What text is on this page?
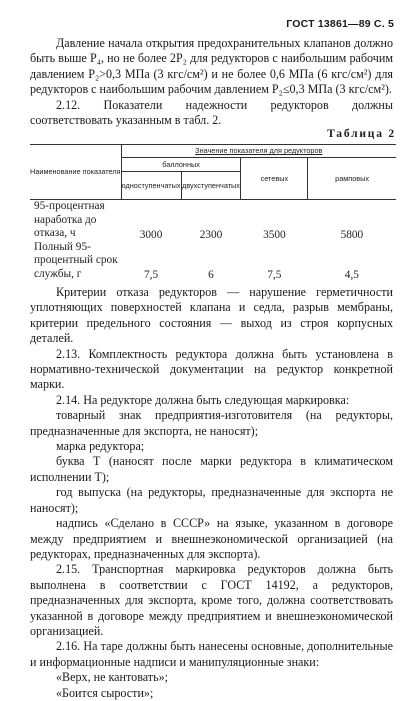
ГОСТ 13861—89 С. 5

Давление начала открытия предохранительных клапанов должно быть выше P₄, но не более 2P₂ для редукторов с наибольшим рабочим давлением P₂>0,3 МПа (3 кгс/см²) и не более 0,6 МПа (6 кгс/см²) для редукторов с наибольшим рабочим давлением P₂≤0,3 МПа (3 кгс/см²).

2.12. Показатели надежности редукторов должны соответствовать указанным в табл. 2.

Таблица 2
Наименование показателя	Значение показателя для редукторов			
	баллонных		сетевых	рамповых
	одноступенчатых	двухступенчатых		
95-процентная наработка до отказа, ч	3000	2300	3500	5800
Полный 95-процентный срок службы, г	7,5	6	7,5	4,5

Критерии отказа редукторов — нарушение герметичности уплотняющих поверхностей клапана и седла, разрыв мембраны, критерии предельного состояния — выход из строя корпусных деталей.

2.13. Комплектность редуктора должна быть установлена в нормативно-технической документации на редуктор конкретной марки.

2.14. На редукторе должна быть следующая маркировка:

товарный знак предприятия-изготовителя (на редукторы, предназначенные для экспорта, не наносят);

марка редуктора;

буква Т (наносят после марки редуктора в климатическом исполнении Т);

год выпуска (на редукторы, предназначенные для экспорта не наносят);

надпись «Сделано в СССР» на языке, указанном в договоре между предприятием и внешнеэкономической организацией (на редукторах, предназначенных для экспорта).

2.15. Транспортная маркировка редукторов должна быть выполнена в соответствии с ГОСТ 14192, а редукторов, предназначенных для экспорта, кроме того, должна соответствовать указанной в договоре между предприятием и внешнеэкономической организацией.

2.16. На таре должны быть нанесены основные, дополнительные и информационные надписи и манипуляционные знаки:

«Верх, не кантовать»;

«Боится сырости»;
